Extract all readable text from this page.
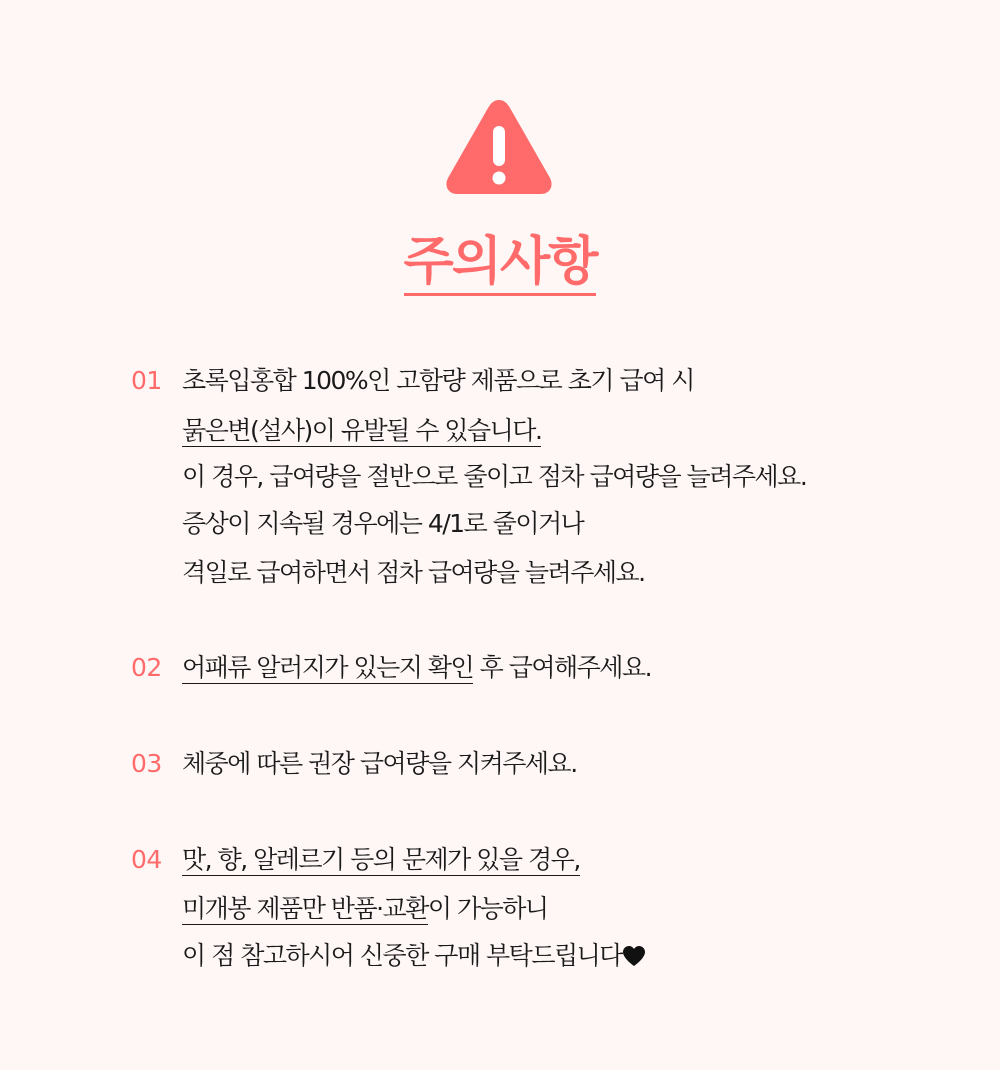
주의사항
01 초록입홍합 100%인 고함량 제품으로 초기 급여 시
묽은변(설사)이 유발될 수 있습니다.
이 경우, 급여량을 절반으로 줄이고 점차 급여량을 늘려주세요.
증상이 지속될 경우에는 4/1로 줄이거나
격일로 급여하면서 점차 급여량을 늘려주세요.
02 어패류 알러지가 있는지 확인 후 급여해주세요.
03 체중에 따른 권장 급여량을 지켜주세요.
04 맛, 향, 알레르기 등의 문제가 있을 경우,
미개봉 제품만 반품·교환이 가능하니
이 점 참고하시어 신중한 구매 부탁드립니다
